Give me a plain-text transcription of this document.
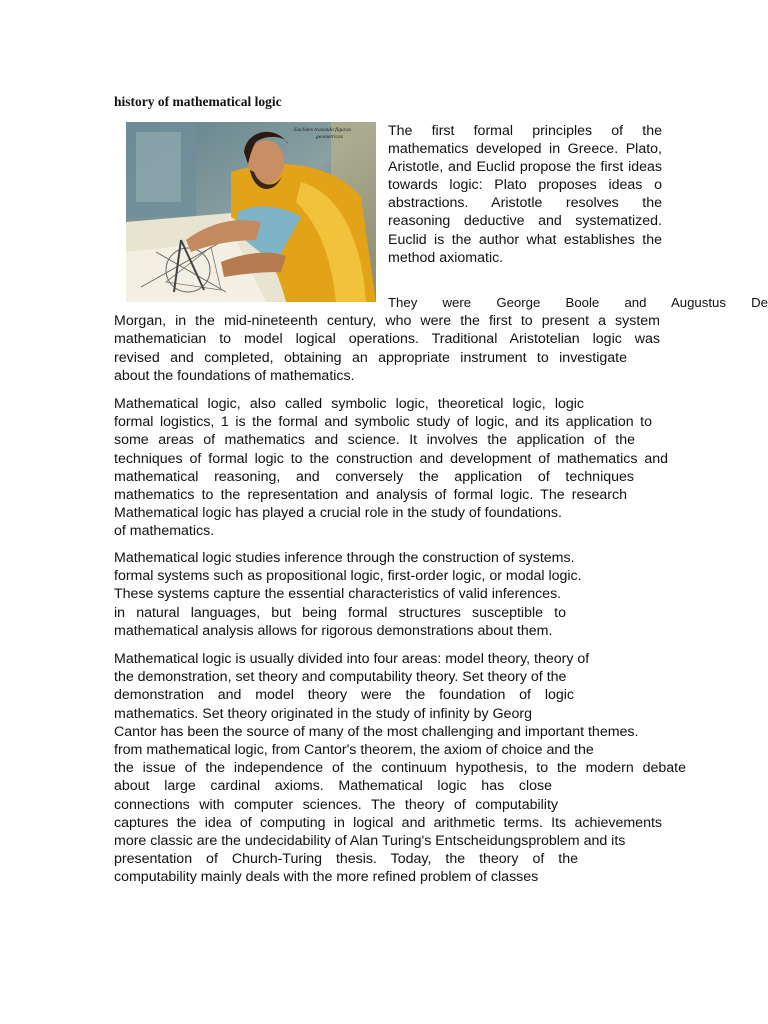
history of mathematical logic
Euclides trazando figuras
geometricas	The first formal principles of the mathematics developed in Greece. Plato, Aristotle, and Euclid propose the first ideas towards logic: Plato proposes ideas o abstractions. Aristotle resolves the reasoning deductive and systematized. Euclid is the author what establishes the method axiomatic.

They were George Boole and Augustus De
Morgan, in the mid-nineteenth century, who were the first to present a system
mathematician to model logical operations. Traditional Aristotelian logic was
revised and completed, obtaining an appropriate instrument to investigate
about the foundations of mathematics.
Mathematical logic, also called symbolic logic, theoretical logic, logic
formal logistics, 1 is the formal and symbolic study of logic, and its application to
some areas of mathematics and science. It involves the application of the
techniques of formal logic to the construction and development of mathematics and
mathematical reasoning, and conversely the application of techniques
mathematics to the representation and analysis of formal logic. The research
Mathematical logic has played a crucial role in the study of foundations.
of mathematics.
Mathematical logic studies inference through the construction of systems.
formal systems such as propositional logic, first-order logic, or modal logic.
These systems capture the essential characteristics of valid inferences.
in natural languages, but being formal structures susceptible to
mathematical analysis allows for rigorous demonstrations about them.
Mathematical logic is usually divided into four areas: model theory, theory of
the demonstration, set theory and computability theory. Set theory of the
demonstration and model theory were the foundation of logic
mathematics. Set theory originated in the study of infinity by Georg
Cantor has been the source of many of the most challenging and important themes.
from mathematical logic, from Cantor's theorem, the axiom of choice and the
the issue of the independence of the continuum hypothesis, to the modern debate
about large cardinal axioms. Mathematical logic has close
connections with computer sciences. The theory of computability
captures the idea of computing in logical and arithmetic terms. Its achievements
more classic are the undecidability of Alan Turing's Entscheidungsproblem and its
presentation of Church-Turing thesis. Today, the theory of the
computability mainly deals with the more refined problem of classes
